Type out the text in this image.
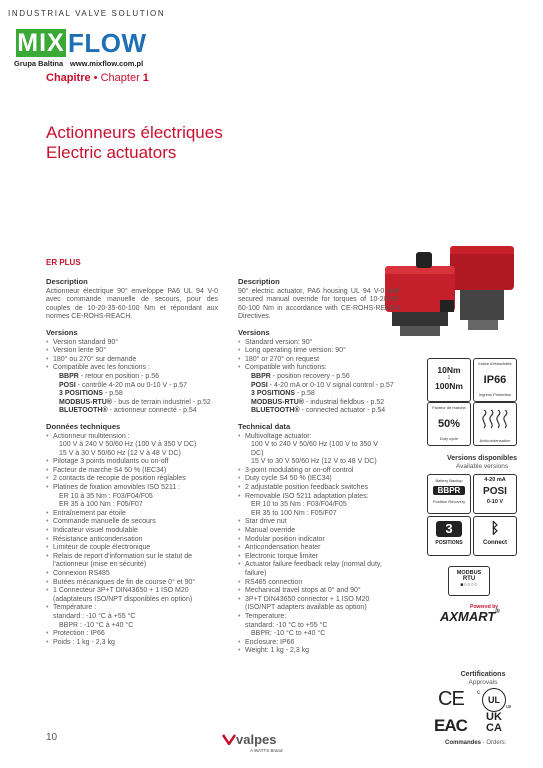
INDUSTRIAL VALVE SOLUTION
MIX FLOW
Grupa Baltina www.mixflow.com.pl
Chapitre • Chapter 1
Actionneurs électriques
Electric actuators
ER PLUS
Description

Actionneur électrique 90° enveloppe PA6 UL 94 V-0 avec commande manuelle de secours, pour des couples de 10-20-35-60-100 Nm et répondant aux normes CE-ROHS-REACH.

Versions
• Version standard 90°
• Version lente 90°
• 180° ou 270° sur demande
• Compatible avec les fonctions :
BBPR - retour en position - p.56
POSI - contrôle 4-20 mA ou 0-10 V - p.57
3 POSITIONS - p.58
MODBUS-RTU® - bus de terrain industriel - p.52
BLUETOOTH® - actionneur connecté - p.54
Données techniques
• Actionneur multitension :
100 V à 240 V 50/60 Hz (100 V à 350 V DC)
15 V à 30 V 50/60 Hz (12 V à 48 V DC)
• Pilotage 3 points modulants ou on-off
• Facteur de marche S4 50 % (IEC34)
• 2 contacts de recopie de position réglables
• Platines de fixation amovibles ISO 5211 :
ER 10 à 35 Nm : F03/F04/F05
ER 35 à 100 Nm : F05/F07
• Entraînement par étoile
• Commande manuelle de secours
• Indicateur visuel modulable
• Résistance anticondensation
• Limiteur de couple électronique
• Relais de report d'information sur le statut de l'actionneur (mise en sécurité)
• Connexion RS485
• Butées mécaniques de fin de course 0° et 90°
• 1 Connecteur 3P+T DIN43650 + 1 ISO M20 (adaptateurs ISO/NPT disponibles en option)
• Température :
standard : -10 °C à +55 °C
BBPR : -10 °C à +40 °C
• Protection : IP66
• Poids : 1 kg - 2,3 kg
Description

90° electric actuator, PA6 housing UL 94 V-0 with secured manual override for torques of 10-20-35-60-100 Nm in accordance with CE-ROHS-REACH Directives.

Versions
• Standard version: 90°
• Long operating time version: 90°
• 180° or 270° on request
• Compatible with functions:
BBPR - position recovery - p.56
POSI - 4-20 mA or 0-10 V signal control - p.57
3 POSITIONS - p.58
MODBUS-RTU® - industrial fieldbus - p.52
BLUETOOTH® - connected actuator - p.54
Technical data
• Multivoltage actuator:
100 V to 240 V 50/60 Hz (100 V to 350 V DC)
15 V to 30 V 50/60 Hz (12 V to 48 V DC)
• 3-point modulating or on-off control
• Duty cycle S4 50 % (IEC34)
• 2 adjustable position feedback switches
• Removable ISO 5211 adaptation plates:
ER 10 to 35 Nm : F03/F04/F05
ER 35 to 100 Nm : F05/F07
• Star drive nut
• Manual override
• Modular position indicator
• Anticondensation heater
• Electronic torque limiter
• Actuator failure feedback relay (normal duty, failure)
• RS485 connection
• Mechanical travel stops at 0° and 90°
• 3P+T DIN43650 connector + 1 ISO M20 (ISO/NPT adapters available as option)
• Temperature:
standard: -10 °C to +55 °C
BBPR: -10 °C to +40 °C
• Enclosure: IP66
• Weight: 1 kg - 2,3 kg
10Nm
↕
100Nm
Indice d'étanchéité
IP66
Ingress Protection
Facteur de marche
50%
Duty cycle	Anticondensation
Versions disponibles
Available versions
Battery Backup
BBPR
Position Recovery
4-20 mA
POSI
0-10 V
3
POSITIONS
ᛒ
Connect
MODBUS
RTU
■○○○○
Powered by
AXMART®
Certifications
Approvals
CE	UL
c
us
EAC	UK
CA
10	valpes
A WATTS Brand
Commandes - Orders:
